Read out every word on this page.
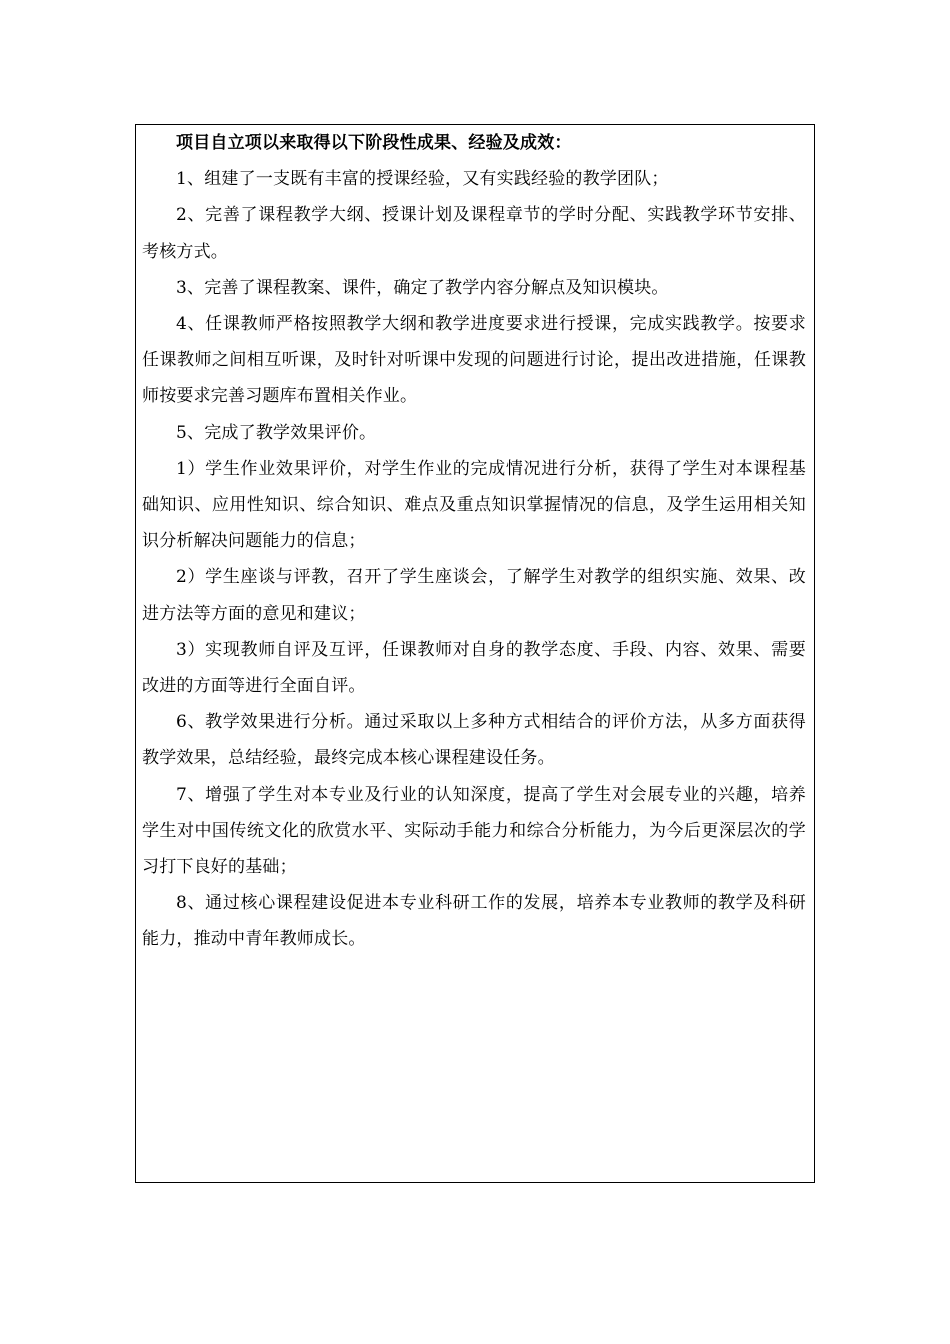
项目自立项以来取得以下阶段性成果、经验及成效：

1、组建了一支既有丰富的授课经验，又有实践经验的教学团队；

2、完善了课程教学大纲、授课计划及课程章节的学时分配、实践教学环节安排、考核方式。

3、完善了课程教案、课件，确定了教学内容分解点及知识模块。

4、任课教师严格按照教学大纲和教学进度要求进行授课，完成实践教学。按要求任课教师之间相互听课，及时针对听课中发现的问题进行讨论，提出改进措施，任课教师按要求完善习题库布置相关作业。

5、完成了教学效果评价。

1）学生作业效果评价，对学生作业的完成情况进行分析，获得了学生对本课程基础知识、应用性知识、综合知识、难点及重点知识掌握情况的信息，及学生运用相关知识分析解决问题能力的信息；

2）学生座谈与评教，召开了学生座谈会，了解学生对教学的组织实施、效果、改进方法等方面的意见和建议；

3）实现教师自评及互评，任课教师对自身的教学态度、手段、内容、效果、需要改进的方面等进行全面自评。

6、教学效果进行分析。通过采取以上多种方式相结合的评价方法，从多方面获得教学效果，总结经验，最终完成本核心课程建设任务。

7、增强了学生对本专业及行业的认知深度，提高了学生对会展专业的兴趣，培养学生对中国传统文化的欣赏水平、实际动手能力和综合分析能力，为今后更深层次的学习打下良好的基础；

8、通过核心课程建设促进本专业科研工作的发展，培养本专业教师的教学及科研能力，推动中青年教师成长。
